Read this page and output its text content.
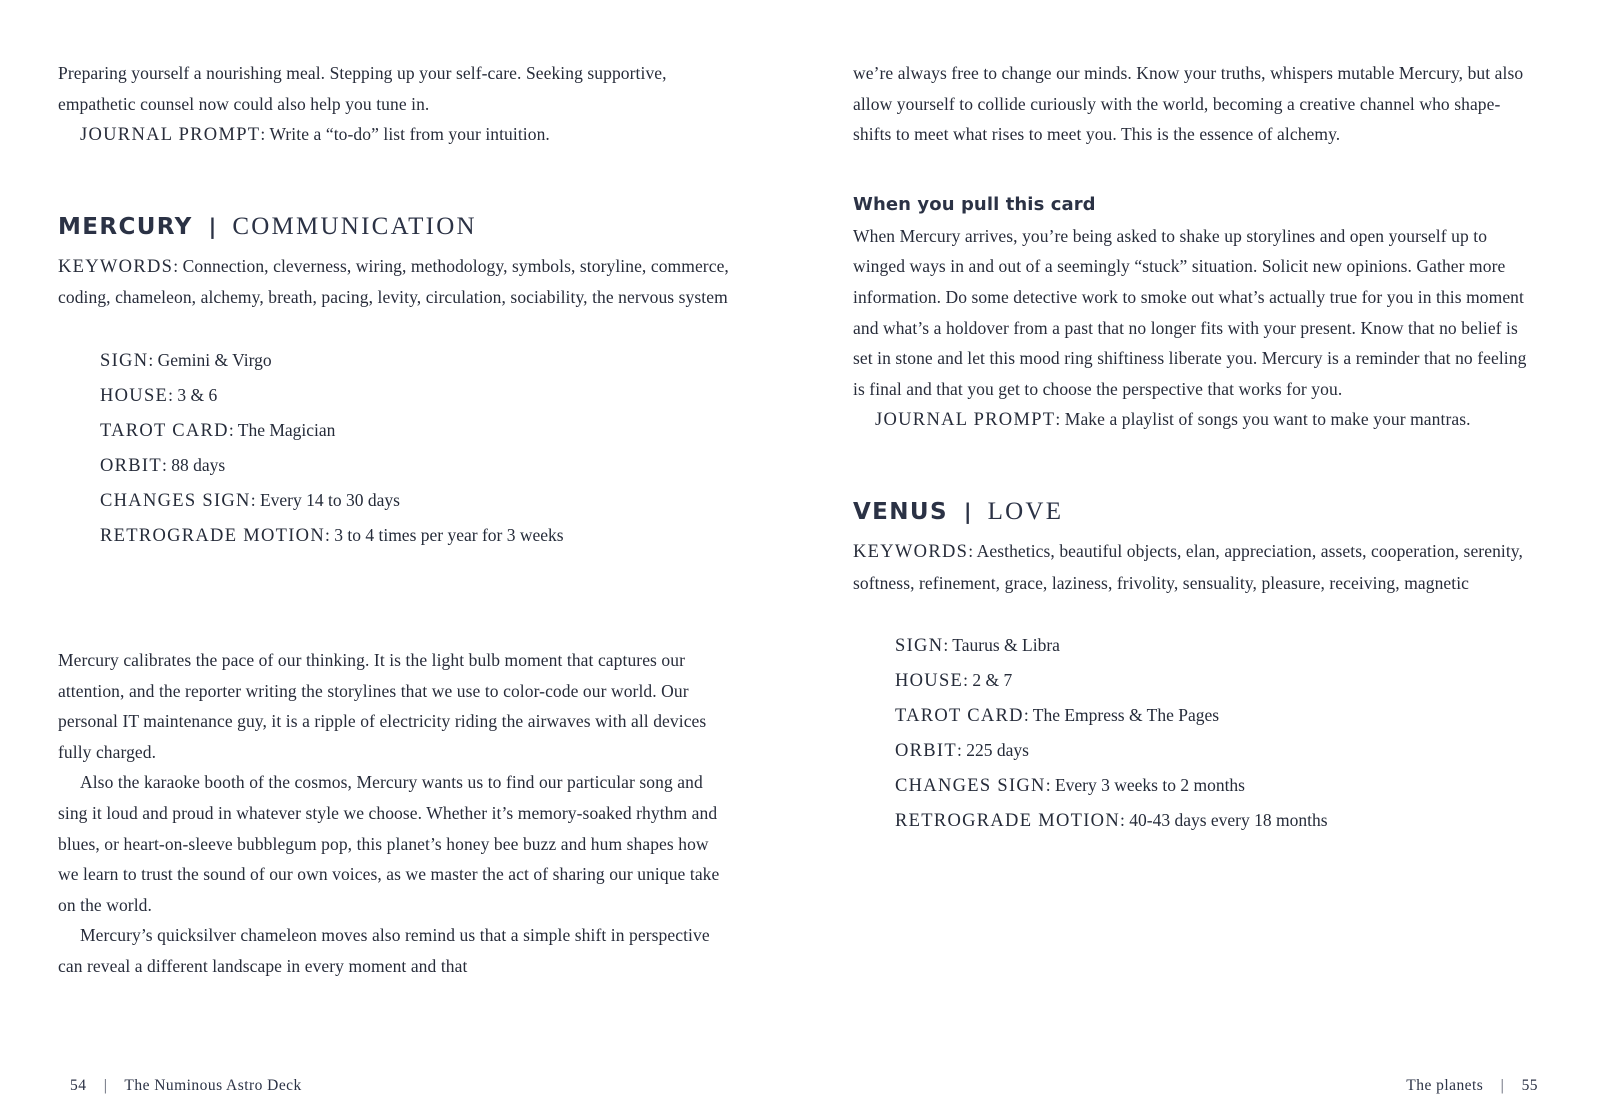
Preparing yourself a nourishing meal. Stepping up your self-care. Seeking supportive, empathetic counsel now could also help you tune in.

JOURNAL PROMPT: Write a “to-do” list from your intuition.

MERCURY | COMMUNICATION

KEYWORDS: Connection, cleverness, wiring, methodology, symbols, storyline, commerce, coding, chameleon, alchemy, breath, pacing, levity, circulation, sociability, the nervous system

SIGN: Gemini & Virgo
HOUSE: 3 & 6
TAROT CARD: The Magician
ORBIT: 88 days
CHANGES SIGN: Every 14 to 30 days
RETROGRADE MOTION: 3 to 4 times per year for 3 weeks

Mercury calibrates the pace of our thinking. It is the light bulb moment that captures our attention, and the reporter writing the storylines that we use to color-code our world. Our personal IT maintenance guy, it is a ripple of electricity riding the airwaves with all devices fully charged.

Also the karaoke booth of the cosmos, Mercury wants us to find our particular song and sing it loud and proud in whatever style we choose. Whether it’s memory-soaked rhythm and blues, or heart-on-sleeve bubblegum pop, this planet’s honey bee buzz and hum shapes how we learn to trust the sound of our own voices, as we master the act of sharing our unique take on the world.

Mercury’s quicksilver chameleon moves also remind us that a simple shift in perspective can reveal a different landscape in every moment and that

54 | The Numinous Astro Deck

we’re always free to change our minds. Know your truths, whispers mutable Mercury, but also allow yourself to collide curiously with the world, becoming a creative channel who shape-shifts to meet what rises to meet you. This is the essence of alchemy.

When you pull this card

When Mercury arrives, you’re being asked to shake up storylines and open yourself up to winged ways in and out of a seemingly “stuck” situation. Solicit new opinions. Gather more information. Do some detective work to smoke out what’s actually true for you in this moment and what’s a holdover from a past that no longer fits with your present. Know that no belief is set in stone and let this mood ring shiftiness liberate you. Mercury is a reminder that no feeling is final and that you get to choose the perspective that works for you.

JOURNAL PROMPT: Make a playlist of songs you want to make your mantras.

VENUS | LOVE

KEYWORDS: Aesthetics, beautiful objects, elan, appreciation, assets, cooperation, serenity, softness, refinement, grace, laziness, frivolity, sensuality, pleasure, receiving, magnetic

SIGN: Taurus & Libra
HOUSE: 2 & 7
TAROT CARD: The Empress & The Pages
ORBIT: 225 days
CHANGES SIGN: Every 3 weeks to 2 months
RETROGRADE MOTION: 40-43 days every 18 months
The planets | 55
